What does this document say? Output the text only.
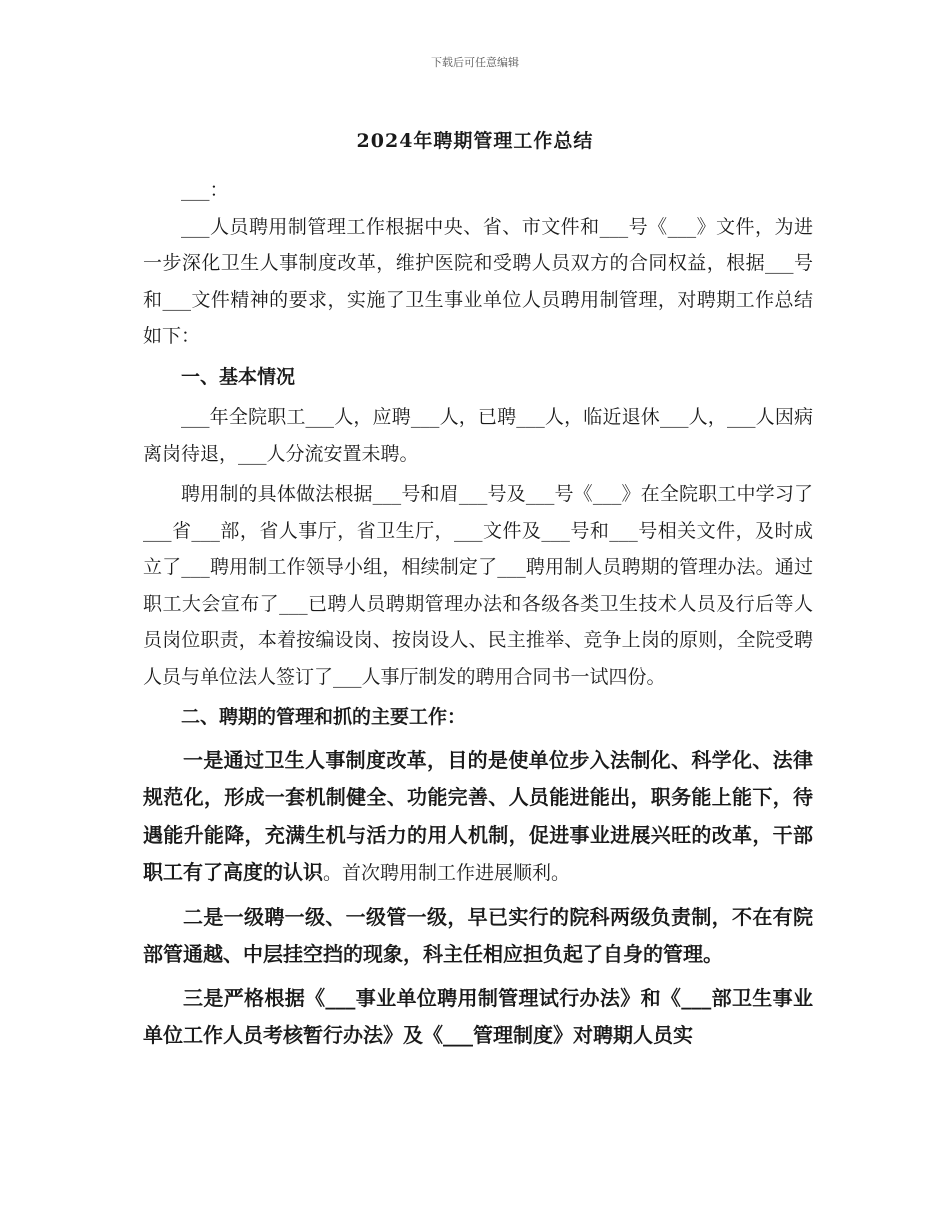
下载后可任意编辑
2024年聘期管理工作总结

___：

___人员聘用制管理工作根据中央、省、市文件和___号《___》文件，为进一步深化卫生人事制度改革，维护医院和受聘人员双方的合同权益，根据___号和___文件精神的要求，实施了卫生事业单位人员聘用制管理，对聘期工作总结如下：

一、基本情况

___年全院职工___人，应聘___人，已聘___人，临近退休___人，___人因病离岗待退，___人分流安置未聘。

聘用制的具体做法根据___号和眉___号及___号《___》在全院职工中学习了___省___部，省人事厅，省卫生厅，___文件及___号和___号相关文件，及时成立了___聘用制工作领导小组，相续制定了___聘用制人员聘期的管理办法。通过职工大会宣布了___已聘人员聘期管理办法和各级各类卫生技术人员及行后等人员岗位职责，本着按编设岗、按岗设人、民主推举、竞争上岗的原则，全院受聘人员与单位法人签订了___人事厅制发的聘用合同书一试四份。

二、聘期的管理和抓的主要工作：

一是通过卫生人事制度改革，目的是使单位步入法制化、科学化、法律规范化，形成一套机制健全、功能完善、人员能进能出，职务能上能下，待遇能升能降，充满生机与活力的用人机制，促进事业进展兴旺的改革，干部职工有了高度的认识。首次聘用制工作进展顺利。

二是一级聘一级、一级管一级，早已实行的院科两级负责制，不在有院部管通越、中层挂空挡的现象，科主任相应担负起了自身的管理。

三是严格根据《___事业单位聘用制管理试行办法》和《___部卫生事业单位工作人员考核暂行办法》及《___管理制度》对聘期人员实
